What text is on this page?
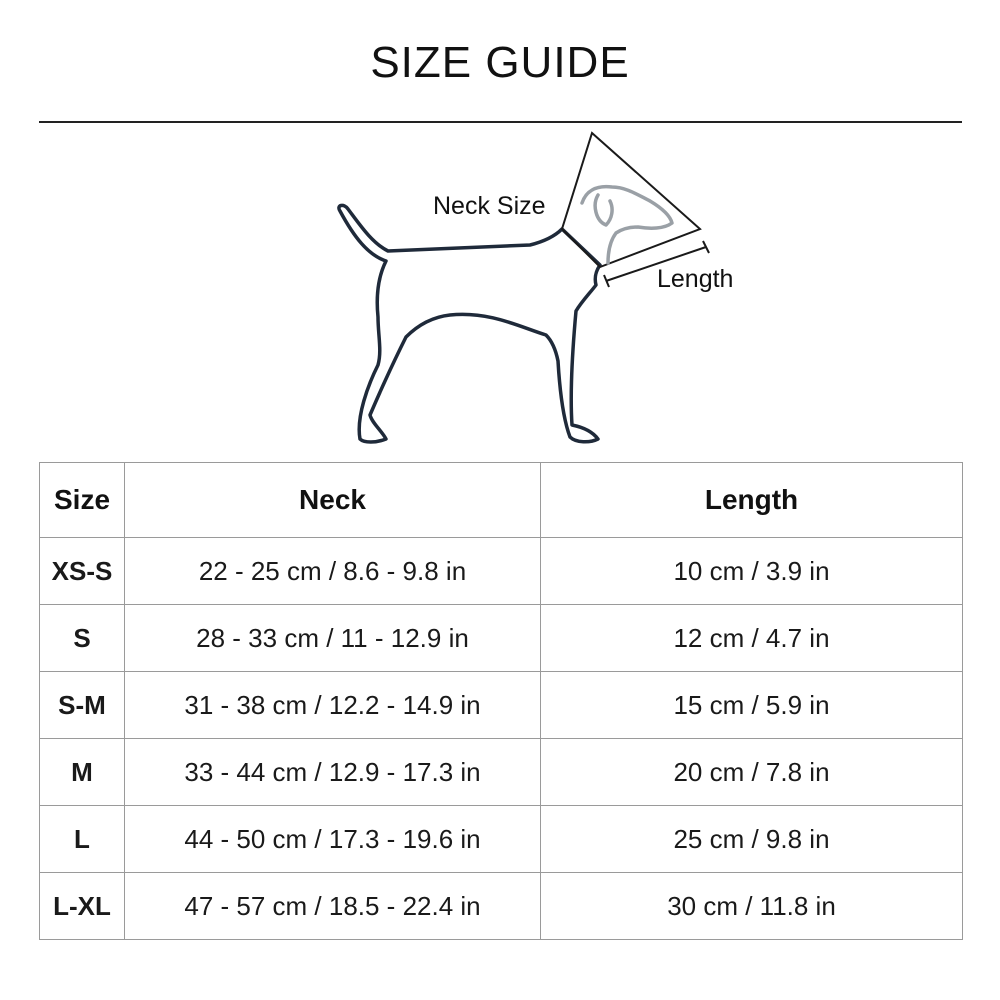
SIZE GUIDE
Neck Size
Length
Size	Neck	Length
XS-S	22 - 25 cm / 8.6 - 9.8 in	10 cm / 3.9 in
S	28 - 33 cm / 11 - 12.9 in	12 cm / 4.7 in
S-M	31 - 38 cm / 12.2 - 14.9 in	15 cm / 5.9 in
M	33 - 44 cm / 12.9 - 17.3 in	20 cm / 7.8 in
L	44 - 50 cm / 17.3 - 19.6 in	25 cm / 9.8 in
L-XL	47 - 57 cm / 18.5 - 22.4 in	30 cm / 11.8 in
